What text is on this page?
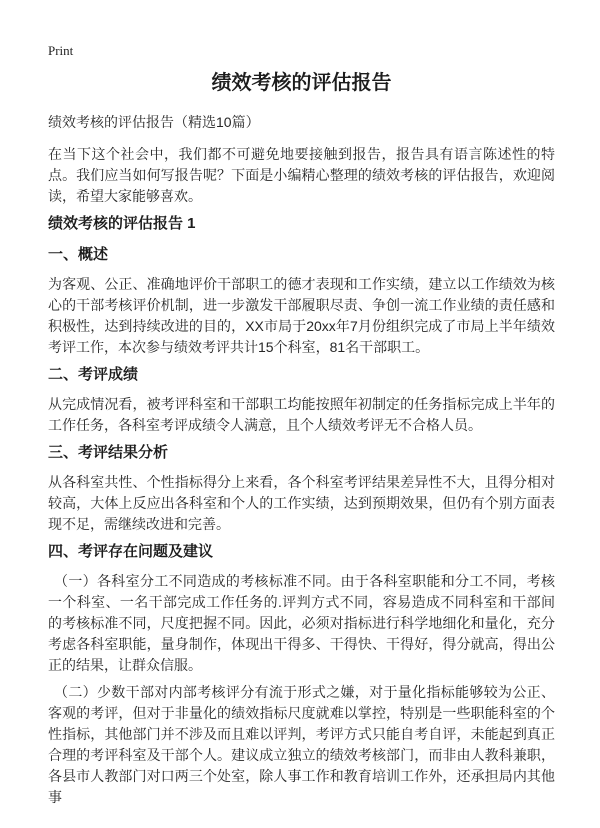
Print
绩效考核的评估报告
绩效考核的评估报告（精选10篇）

在当下这个社会中，我们都不可避免地要接触到报告，报告具有语言陈述性的特点。我们应当如何写报告呢？下面是小编精心整理的绩效考核的评估报告，欢迎阅读，希望大家能够喜欢。

绩效考核的评估报告 1
一、概述

为客观、公正、准确地评价干部职工的德才表现和工作实绩，建立以工作绩效为核心的干部考核评价机制，进一步激发干部履职尽责、争创一流工作业绩的责任感和积极性，达到持续改进的目的，XX市局于20xx年7月份组织完成了市局上半年绩效考评工作，本次参与绩效考评共计15个科室，81名干部职工。

二、考评成绩

从完成情况看，被考评科室和干部职工均能按照年初制定的任务指标完成上半年的工作任务，各科室考评成绩令人满意，且个人绩效考评无不合格人员。

三、考评结果分析

从各科室共性、个性指标得分上来看，各个科室考评结果差异性不大，且得分相对较高，大体上反应出各科室和个人的工作实绩，达到预期效果，但仍有个别方面表现不足，需继续改进和完善。

四、考评存在问题及建议

（一）各科室分工不同造成的考核标准不同。由于各科室职能和分工不同，考核一个科室、一名干部完成工作任务的.评判方式不同，容易造成不同科室和干部间的考核标准不同，尺度把握不同。因此，必须对指标进行科学地细化和量化，充分考虑各科室职能，量身制作，体现出干得多、干得快、干得好，得分就高，得出公正的结果，让群众信服。

（二）少数干部对内部考核评分有流于形式之嫌，对于量化指标能够较为公正、客观的考评，但对于非量化的绩效指标尺度就难以掌控，特别是一些职能科室的个性指标，其他部门并不涉及而且难以评判，考评方式只能自考自评，未能起到真正合理的考评科室及干部个人。建议成立独立的绩效考核部门，而非由人教科兼职，各县市人教部门对口两三个处室，除人事工作和教育培训工作外，还承担局内其他事
